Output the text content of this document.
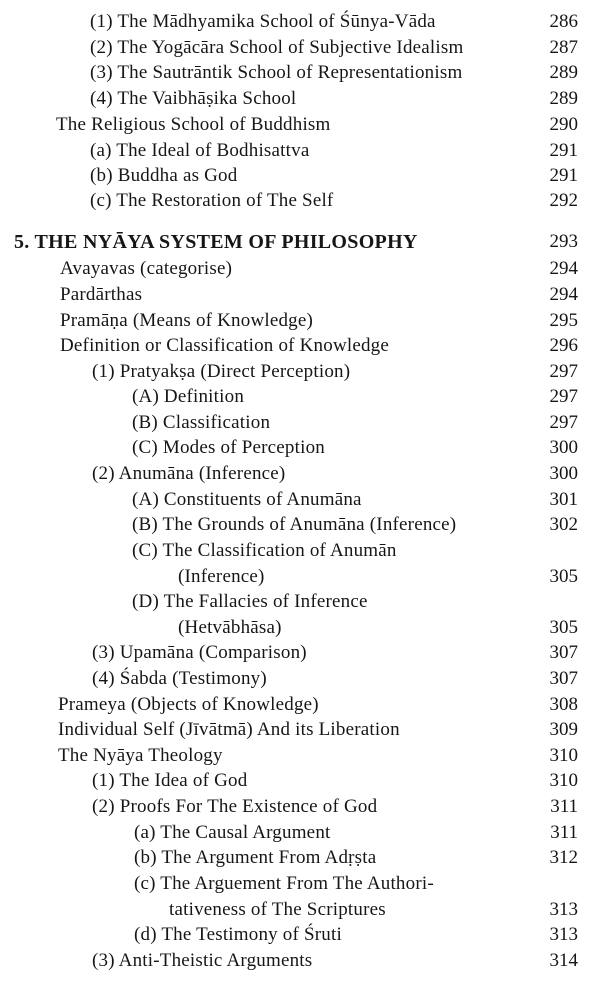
(1) The Mādhyamika School of Śūnya-Vāda	286
(2) The Yogācāra School of Subjective Idealism	287
(3) The Sautrāntik School of Representationism	289
(4) The Vaibhāṣika School	289
The Religious School of Buddhism	290
(a) The Ideal of Bodhisattva	291
(b) Buddha as God	291
(c) The Restoration of The Self	292
5. THE NYĀYA SYSTEM OF PHILOSOPHY	293
Avayavas (categorise)	294
Pardārthas	294
Pramāṇa (Means of Knowledge)	295
Definition or Classification of Knowledge	296
(1) Pratyakṣa (Direct Perception)	297
(A) Definition	297
(B) Classification	297
(C) Modes of Perception	300
(2) Anumāna (Inference)	300
(A) Constituents of Anumāna	301
(B) The Grounds of Anumāna (Inference)	302
(C) The Classification of Anumān
(Inference)	305
(D) The Fallacies of Inference
(Hetvābhāsa)	305
(3) Upamāna (Comparison)	307
(4) Śabda (Testimony)	307
Prameya (Objects of Knowledge)	308
Individual Self (Jīvātmā) And its Liberation	309
The Nyāya Theology	310
(1) The Idea of God	310
(2) Proofs For The Existence of God	311
(a) The Causal Argument	311
(b) The Argument From Adṛṣta	312
(c) The Arguement From The Authori-
tativeness of The Scriptures	313
(d) The Testimony of Śruti	313
(3) Anti-Theistic Arguments	314
